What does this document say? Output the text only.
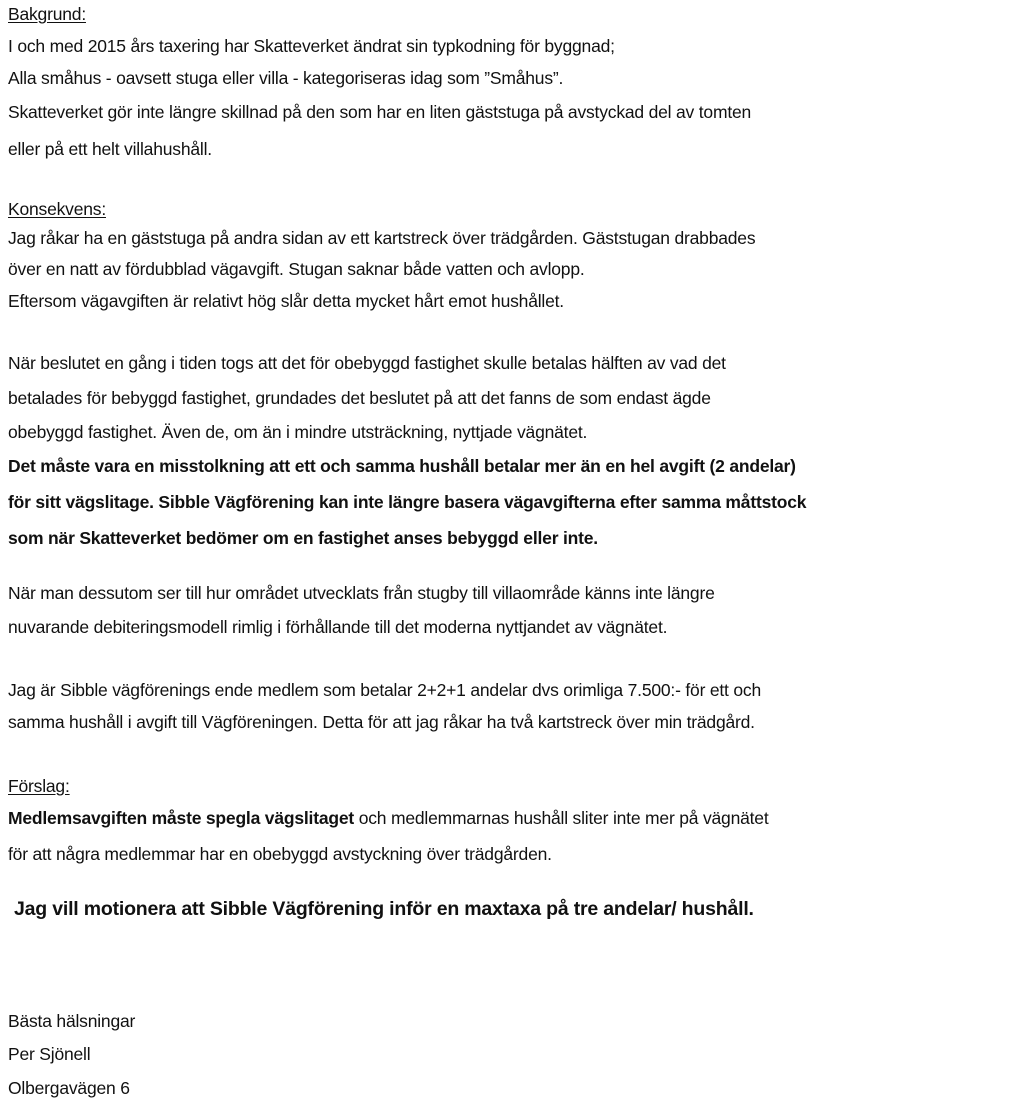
Bakgrund:
I och med 2015 års taxering har Skatteverket ändrat sin typkodning för byggnad;
Alla småhus - oavsett stuga eller villa - kategoriseras idag som ”Småhus”.
Skatteverket gör inte längre skillnad på den som har en liten gäststuga på avstyckad del av tomten
eller på ett helt villahushåll.
Konsekvens:
Jag råkar ha en gäststuga på andra sidan av ett kartstreck över trädgården. Gäststugan drabbades
över en natt av fördubblad vägavgift. Stugan saknar både vatten och avlopp.
Eftersom vägavgiften är relativt hög slår detta mycket hårt emot hushållet.
När beslutet en gång i tiden togs att det för obebyggd fastighet skulle betalas hälften av vad det
betalades för bebyggd fastighet, grundades det beslutet på att det fanns de som endast ägde
obebyggd fastighet. Även de, om än i mindre utsträckning, nyttjade vägnätet.
Det måste vara en misstolkning att ett och samma hushåll betalar mer än en hel avgift (2 andelar)
för sitt vägslitage. Sibble Vägförening kan inte längre basera vägavgifterna efter samma måttstock
som när Skatteverket bedömer om en fastighet anses bebyggd eller inte.
När man dessutom ser till hur området utvecklats från stugby till villaområde känns inte längre
nuvarande debiteringsmodell rimlig i förhållande till det moderna nyttjandet av vägnätet.
Jag är Sibble vägförenings ende medlem som betalar 2+2+1 andelar dvs orimliga 7.500:- för ett och
samma hushåll i avgift till Vägföreningen. Detta för att jag råkar ha två kartstreck över min trädgård.
Förslag:
Medlemsavgiften måste spegla vägslitaget och medlemmarnas hushåll sliter inte mer på vägnätet
för att några medlemmar har en obebyggd avstyckning över trädgården.
Jag vill motionera att Sibble Vägförening inför en maxtaxa på tre andelar/ hushåll.
Bästa hälsningar
Per Sjönell
Olbergavägen 6
